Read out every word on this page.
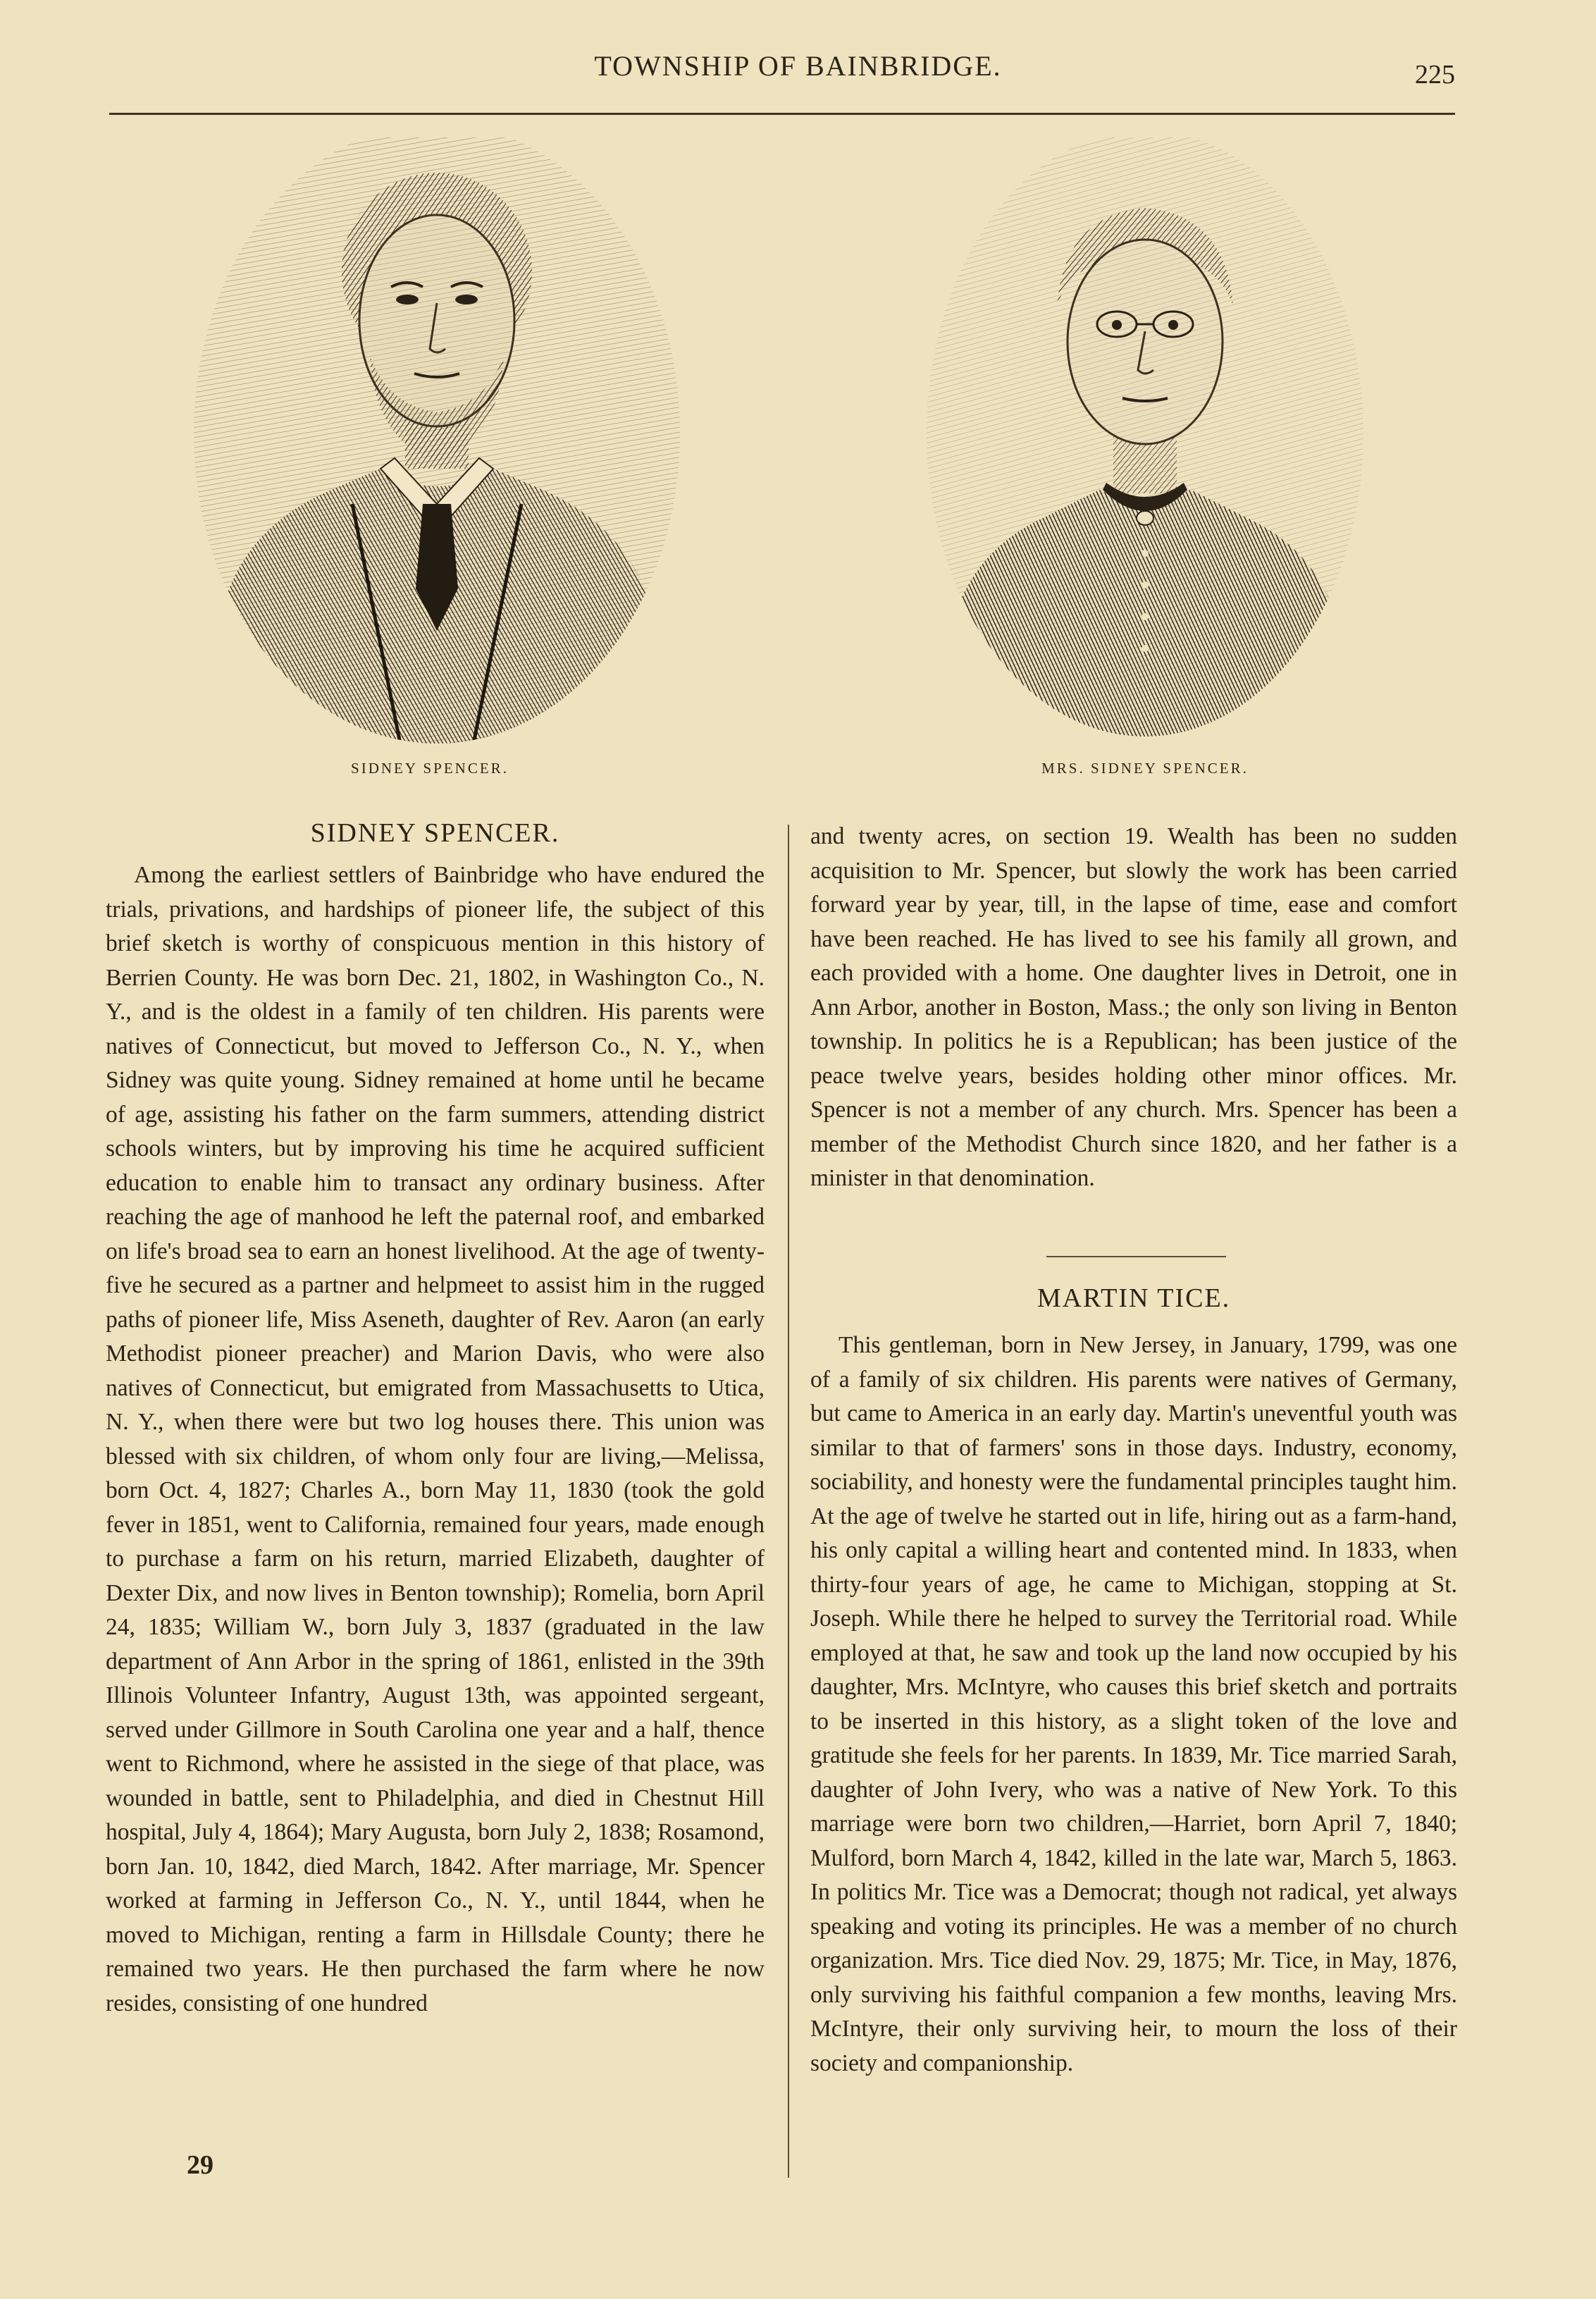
TOWNSHIP OF BAINBRIDGE.	225
SIDNEY SPENCER.	MRS. SIDNEY SPENCER.
SIDNEY SPENCER.

Among the earliest settlers of Bainbridge who have endured the trials, privations, and hardships of pioneer life, the subject of this brief sketch is worthy of conspicuous mention in this history of Berrien County. He was born Dec. 21, 1802, in Washington Co., N. Y., and is the oldest in a family of ten children. His parents were natives of Connecticut, but moved to Jefferson Co., N. Y., when Sidney was quite young. Sidney remained at home until he became of age, assisting his father on the farm summers, attending district schools winters, but by improving his time he acquired sufficient education to enable him to transact any ordinary business. After reaching the age of manhood he left the paternal roof, and embarked on life's broad sea to earn an honest livelihood. At the age of twenty-five he secured as a partner and helpmeet to assist him in the rugged paths of pioneer life, Miss Aseneth, daughter of Rev. Aaron (an early Methodist pioneer preacher) and Marion Davis, who were also natives of Connecticut, but emigrated from Massachusetts to Utica, N. Y., when there were but two log houses there. This union was blessed with six children, of whom only four are living,—Melissa, born Oct. 4, 1827; Charles A., born May 11, 1830 (took the gold fever in 1851, went to California, remained four years, made enough to purchase a farm on his return, married Elizabeth, daughter of Dexter Dix, and now lives in Benton township); Romelia, born April 24, 1835; William W., born July 3, 1837 (graduated in the law department of Ann Arbor in the spring of 1861, enlisted in the 39th Illinois Volunteer Infantry, August 13th, was appointed sergeant, served under Gillmore in South Carolina one year and a half, thence went to Richmond, where he assisted in the siege of that place, was wounded in battle, sent to Philadelphia, and died in Chestnut Hill hospital, July 4, 1864); Mary Augusta, born July 2, 1838; Rosamond, born Jan. 10, 1842, died March, 1842. After marriage, Mr. Spencer worked at farming in Jefferson Co., N. Y., until 1844, when he moved to Michigan, renting a farm in Hillsdale County; there he remained two years. He then purchased the farm where he now resides, consisting of one hundred

and twenty acres, on section 19. Wealth has been no sudden acquisition to Mr. Spencer, but slowly the work has been carried forward year by year, till, in the lapse of time, ease and comfort have been reached. He has lived to see his family all grown, and each provided with a home. One daughter lives in Detroit, one in Ann Arbor, another in Boston, Mass.; the only son living in Benton township. In politics he is a Republican; has been justice of the peace twelve years, besides holding other minor offices. Mr. Spencer is not a member of any church. Mrs. Spencer has been a member of the Methodist Church since 1820, and her father is a minister in that denomination.

MARTIN TICE.

This gentleman, born in New Jersey, in January, 1799, was one of a family of six children. His parents were natives of Germany, but came to America in an early day. Martin's uneventful youth was similar to that of farmers' sons in those days. Industry, economy, sociability, and honesty were the fundamental principles taught him. At the age of twelve he started out in life, hiring out as a farm-hand, his only capital a willing heart and contented mind. In 1833, when thirty-four years of age, he came to Michigan, stopping at St. Joseph. While there he helped to survey the Territorial road. While employed at that, he saw and took up the land now occupied by his daughter, Mrs. McIntyre, who causes this brief sketch and portraits to be inserted in this history, as a slight token of the love and gratitude she feels for her parents. In 1839, Mr. Tice married Sarah, daughter of John Ivery, who was a native of New York. To this marriage were born two children,—Harriet, born April 7, 1840; Mulford, born March 4, 1842, killed in the late war, March 5, 1863. In politics Mr. Tice was a Democrat; though not radical, yet always speaking and voting its principles. He was a member of no church organization. Mrs. Tice died Nov. 29, 1875; Mr. Tice, in May, 1876, only surviving his faithful companion a few months, leaving Mrs. McIntyre, their only surviving heir, to mourn the loss of their society and companionship.

29
